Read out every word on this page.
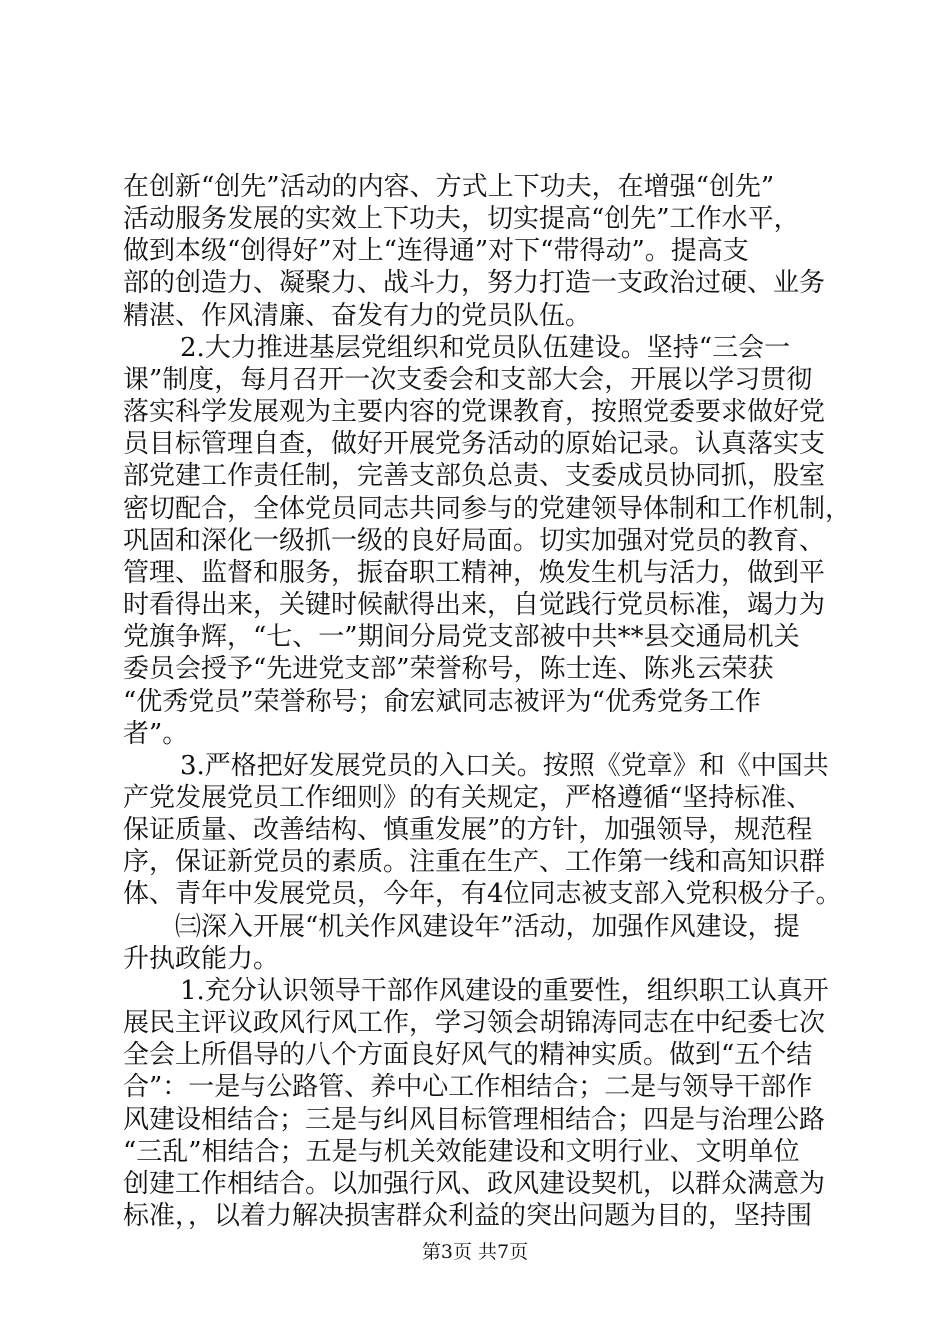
在创新“创先”活动的内容、方式上下功夫，在增强“创先”
活动服务发展的实效上下功夫，切实提高“创先”工作水平，
做到本级“创得好”对上“连得通”对下“带得动”。提高支
部的创造力、凝聚力、战斗力，努力打造一支政治过硬、业务
精湛、作风清廉、奋发有力的党员队伍。
2.大力推进基层党组织和党员队伍建设。坚持“三会一
课”制度，每月召开一次支委会和支部大会，开展以学习贯彻
落实科学发展观为主要内容的党课教育，按照党委要求做好党
员目标管理自查，做好开展党务活动的原始记录。认真落实支
部党建工作责任制，完善支部负总责、支委成员协同抓，股室
密切配合，全体党员同志共同参与的党建领导体制和工作机制，
巩固和深化一级抓一级的良好局面。切实加强对党员的教育、
管理、监督和服务，振奋职工精神，焕发生机与活力，做到平
时看得出来，关键时候献得出来，自觉践行党员标准，竭力为
党旗争辉，“七、一”期间分局党支部被中共**县交通局机关
委员会授予“先进党支部”荣誉称号，陈士连、陈兆云荣获
“优秀党员”荣誉称号；俞宏斌同志被评为“优秀党务工作
者”。
3.严格把好发展党员的入口关。按照《党章》和《中国共
产党发展党员工作细则》的有关规定，严格遵循“坚持标准、
保证质量、改善结构、慎重发展”的方针，加强领导，规范程
序，保证新党员的素质。注重在生产、工作第一线和高知识群
体、青年中发展党员，今年，有4位同志被支部入党积极分子。
㈢深入开展“机关作风建设年”活动，加强作风建设，提
升执政能力。
1.充分认识领导干部作风建设的重要性，组织职工认真开
展民主评议政风行风工作，学习领会胡锦涛同志在中纪委七次
全会上所倡导的八个方面良好风气的精神实质。做到“五个结
合”：一是与公路管、养中心工作相结合；二是与领导干部作
风建设相结合；三是与纠风目标管理相结合；四是与治理公路
“三乱”相结合；五是与机关效能建设和文明行业、文明单位
创建工作相结合。以加强行风、政风建设契机，以群众满意为
标准，，以着力解决损害群众利益的突出问题为目的，坚持围
第3页 共7页
